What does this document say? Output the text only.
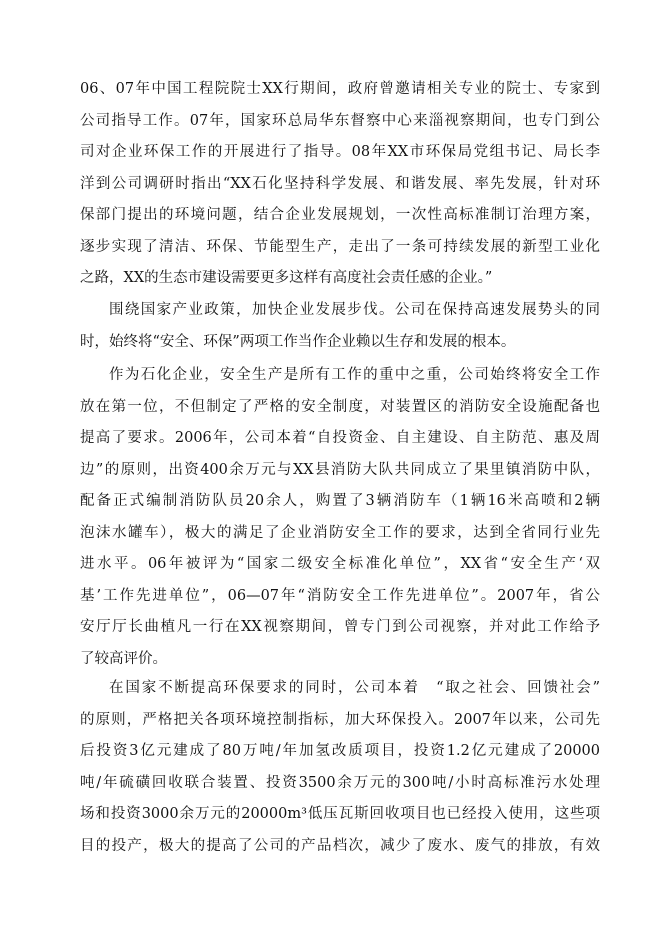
06、07年中国工程院院士XX行期间，政府曾邀请相关专业的院士、专家到
公司指导工作。07年，国家环总局华东督察中心来淄视察期间，也专门到公
司对企业环保工作的开展进行了指导。08年XX市环保局党组书记、局长李
洋到公司调研时指出“XX石化坚持科学发展、和谐发展、率先发展，针对环
保部门提出的环境问题，结合企业发展规划，一次性高标准制订治理方案，
逐步实现了清洁、环保、节能型生产，走出了一条可持续发展的新型工业化
之路，XX的生态市建设需要更多这样有高度社会责任感的企业。”
围绕国家产业政策，加快企业发展步伐。公司在保持高速发展势头的同
时，始终将“安全、环保”两项工作当作企业赖以生存和发展的根本。
作为石化企业，安全生产是所有工作的重中之重，公司始终将安全工作
放在第一位，不但制定了严格的安全制度，对装置区的消防安全设施配备也
提高了要求。2006年，公司本着“自投资金、自主建设、自主防范、惠及周
边”的原则，出资400余万元与XX县消防大队共同成立了果里镇消防中队，
配备正式编制消防队员20余人，购置了3辆消防车（1辆16米高喷和2辆
泡沫水罐车），极大的满足了企业消防安全工作的要求，达到全省同行业先
进水平。06年被评为“国家二级安全标准化单位”，XX省“安全生产‘双
基’工作先进单位”，06—07年“消防安全工作先进单位”。2007年，省公
安厅厅长曲植凡一行在XX视察期间，曾专门到公司视察，并对此工作给予
了较高评价。
在国家不断提高环保要求的同时，公司本着　“取之社会、回馈社会”
的原则，严格把关各项环境控制指标，加大环保投入。2007年以来，公司先
后投资3亿元建成了80万吨/年加氢改质项目，投资1.2亿元建成了20000
吨/年硫磺回收联合装置、投资3500余万元的300吨/小时高标准污水处理
场和投资3000余万元的20000m³低压瓦斯回收项目也已经投入使用，这些项
目的投产，极大的提高了公司的产品档次，减少了废水、废气的排放，有效
